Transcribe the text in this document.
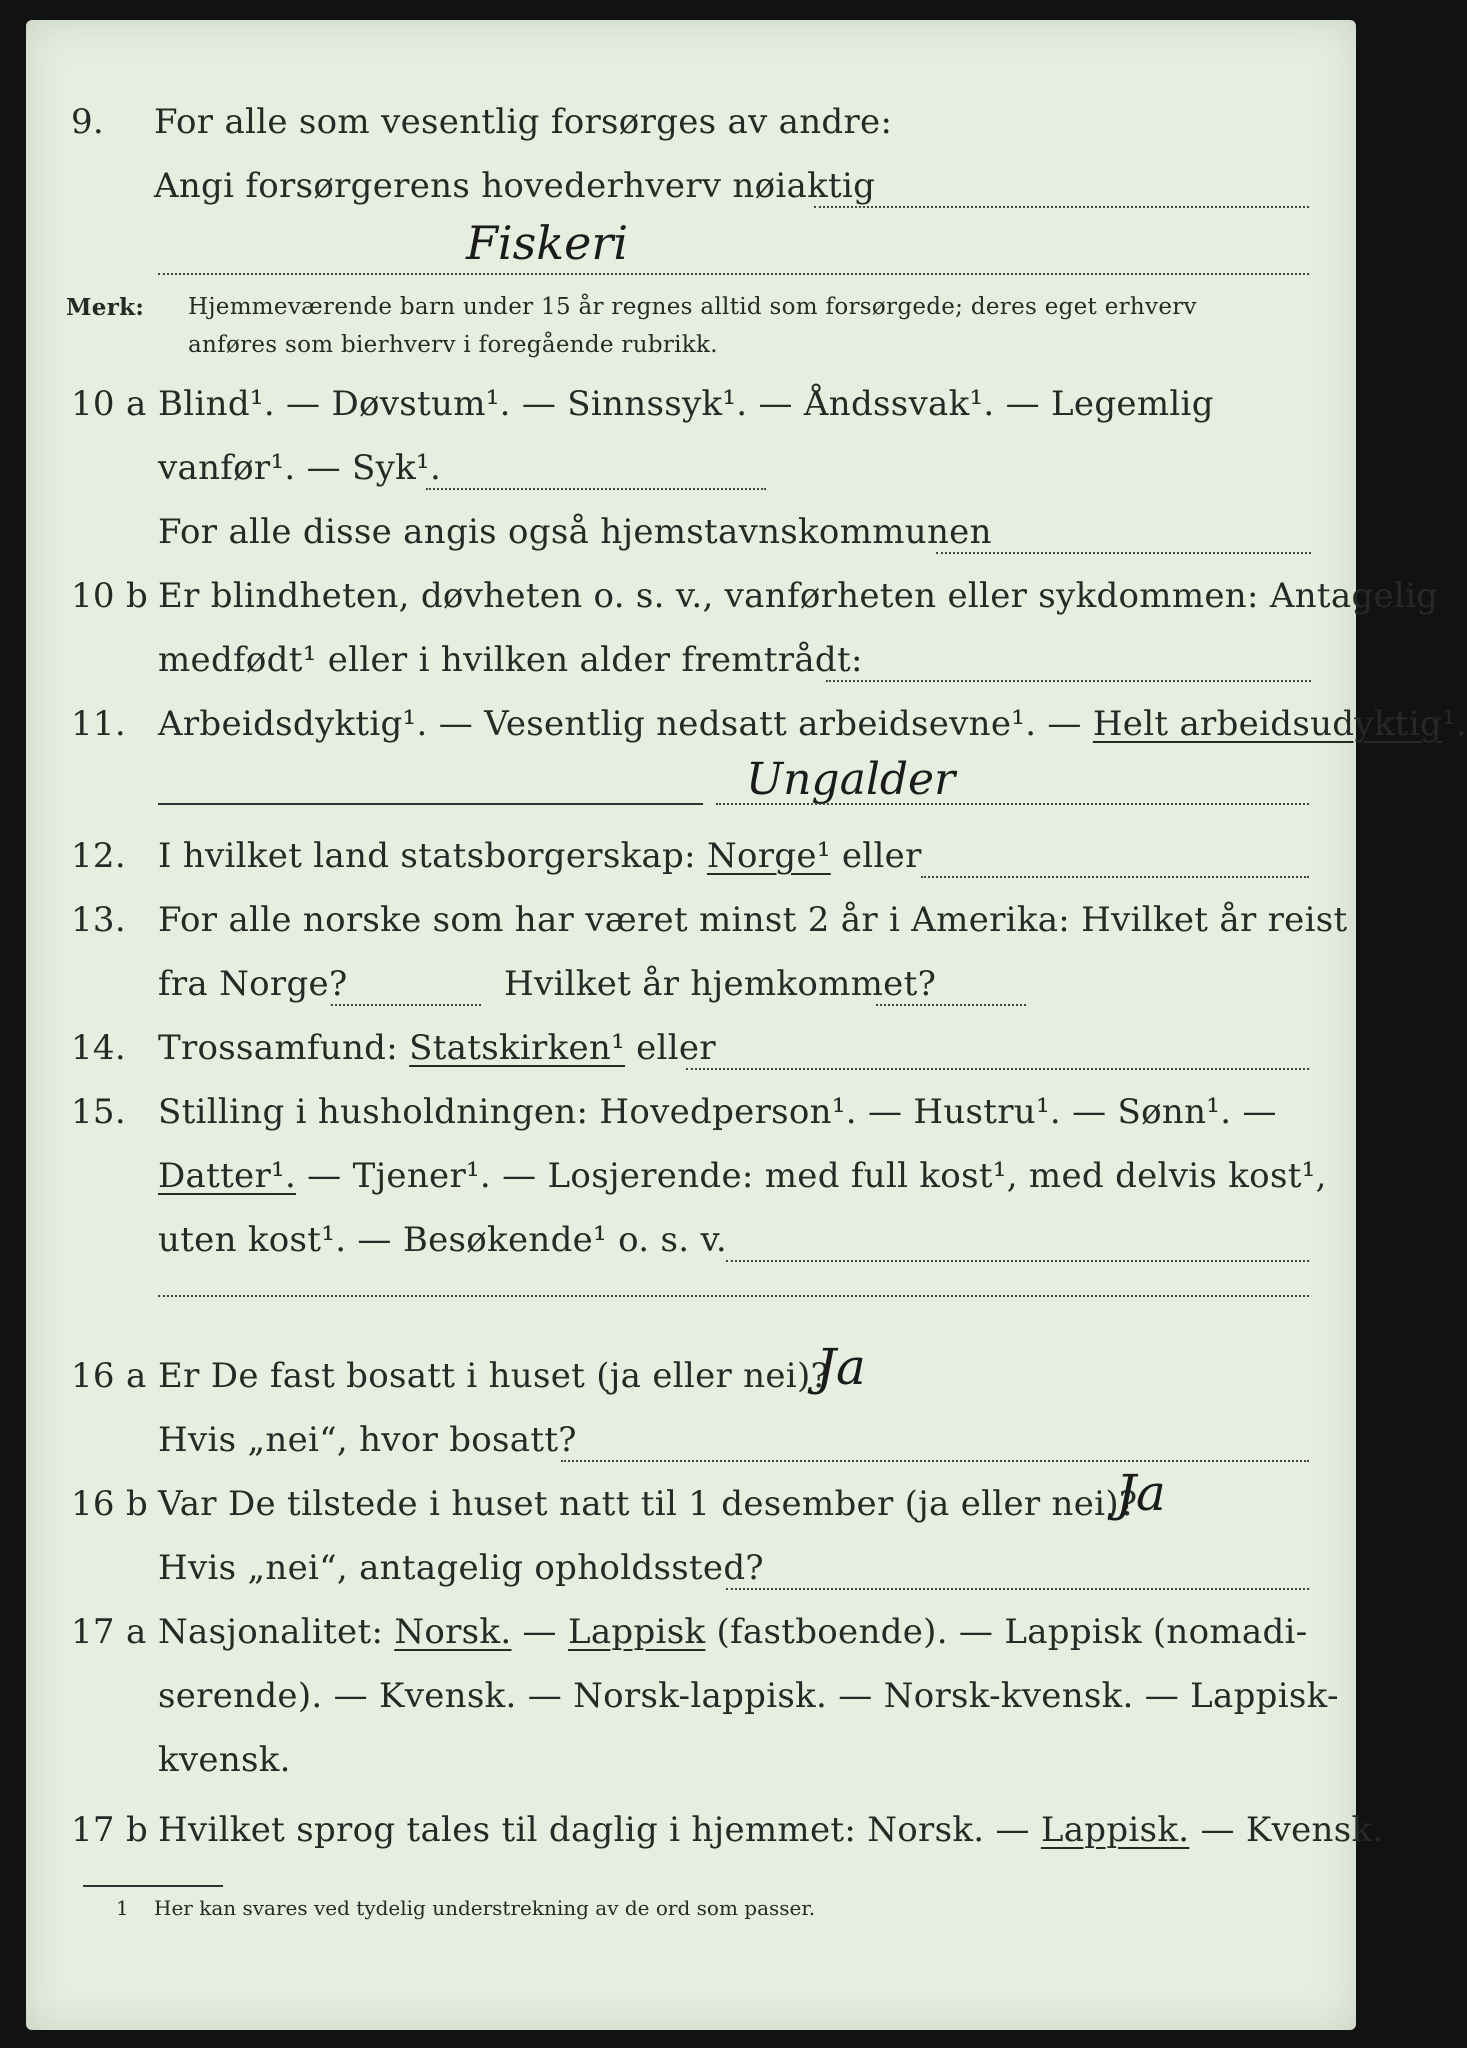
9. For alle som vesentlig forsørges av andre:
Angi forsørgerens hovederhverv nøiaktig
Fiskeri
Merk: Hjemmeværende barn under 15 år regnes alltid som forsørgede; deres eget erhverv
anføres som bierhverv i foregående rubrikk.
10 a Blind¹. — Døvstum¹. — Sinnssyk¹. — Åndssvak¹. — Legemlig
vanfør¹. — Syk¹.
For alle disse angis også hjemstavnskommunen
10 b Er blindheten, døvheten o. s. v., vanførheten eller sykdommen: Antagelig
medfødt¹ eller i hvilken alder fremtrådt:
11. Arbeidsdyktig¹. — Vesentlig nedsatt arbeidsevne¹. — Helt arbeidsudyktig¹.
Ungalder
12. I hvilket land statsborgerskap: Norge¹ eller
13. For alle norske som har været minst 2 år i Amerika: Hvilket år reist
fra Norge?	Hvilket år hjemkommet?
14. Trossamfund: Statskirken¹ eller
15. Stilling i husholdningen: Hovedperson¹. — Hustru¹. — Sønn¹. —
Datter¹. — Tjener¹. — Losjerende: med full kost¹, med delvis kost¹,
uten kost¹. — Besøkende¹ o. s. v.
16 a Er De fast bosatt i huset (ja eller nei)?
Ja
Hvis „nei“, hvor bosatt?
16 b Var De tilstede i huset natt til 1 desember (ja eller nei)?
Ja
Hvis „nei“, antagelig opholdssted?
17 a Nasjonalitet: Norsk. — Lappisk (fastboende). — Lappisk (nomadi-
serende). — Kvensk. — Norsk-lappisk. — Norsk-kvensk. — Lappisk-
kvensk.
17 b Hvilket sprog tales til daglig i hjemmet: Norsk. — Lappisk. — Kvensk.
1 Her kan svares ved tydelig understrekning av de ord som passer.
